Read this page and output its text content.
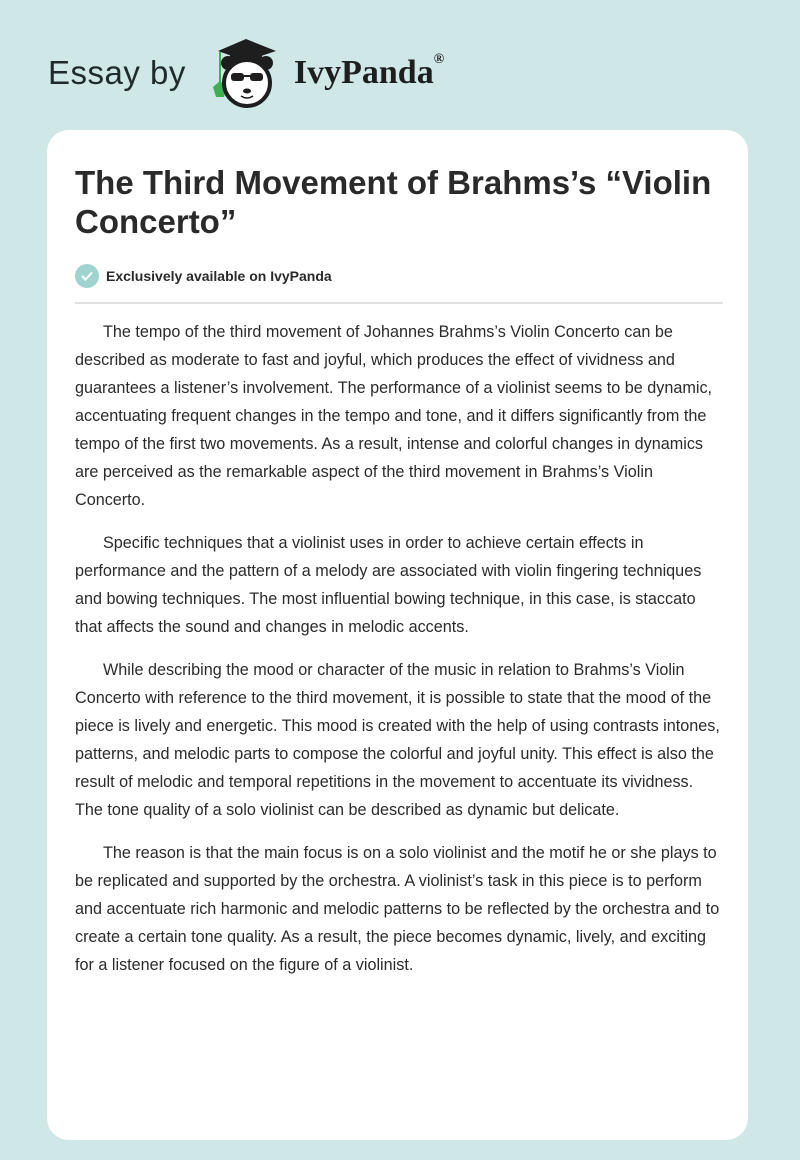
Essay by	IvyPanda®
The Third Movement of Brahms’s “Violin Concerto”
Exclusively available on IvyPanda

The tempo of the third movement of Johannes Brahms’s Violin Concerto can be described as moderate to fast and joyful, which produces the effect of vividness and guarantees a listener’s involvement. The performance of a violinist seems to be dynamic, accentuating frequent changes in the tempo and tone, and it differs significantly from the tempo of the first two movements. As a result, intense and colorful changes in dynamics are perceived as the remarkable aspect of the third movement in Brahms’s Violin Concerto.

Specific techniques that a violinist uses in order to achieve certain effects in performance and the pattern of a melody are associated with violin fingering techniques and bowing techniques. The most influential bowing technique, in this case, is staccato that affects the sound and changes in melodic accents.

While describing the mood or character of the music in relation to Brahms’s Violin Concerto with reference to the third movement, it is possible to state that the mood of the piece is lively and energetic. This mood is created with the help of using contrasts intones, patterns, and melodic parts to compose the colorful and joyful unity. This effect is also the result of melodic and temporal repetitions in the movement to accentuate its vividness. The tone quality of a solo violinist can be described as dynamic but delicate.

The reason is that the main focus is on a solo violinist and the motif he or she plays to be replicated and supported by the orchestra. A violinist’s task in this piece is to perform and accentuate rich harmonic and melodic patterns to be reflected by the orchestra and to create a certain tone quality. As a result, the piece becomes dynamic, lively, and exciting for a listener focused on the figure of a violinist.
